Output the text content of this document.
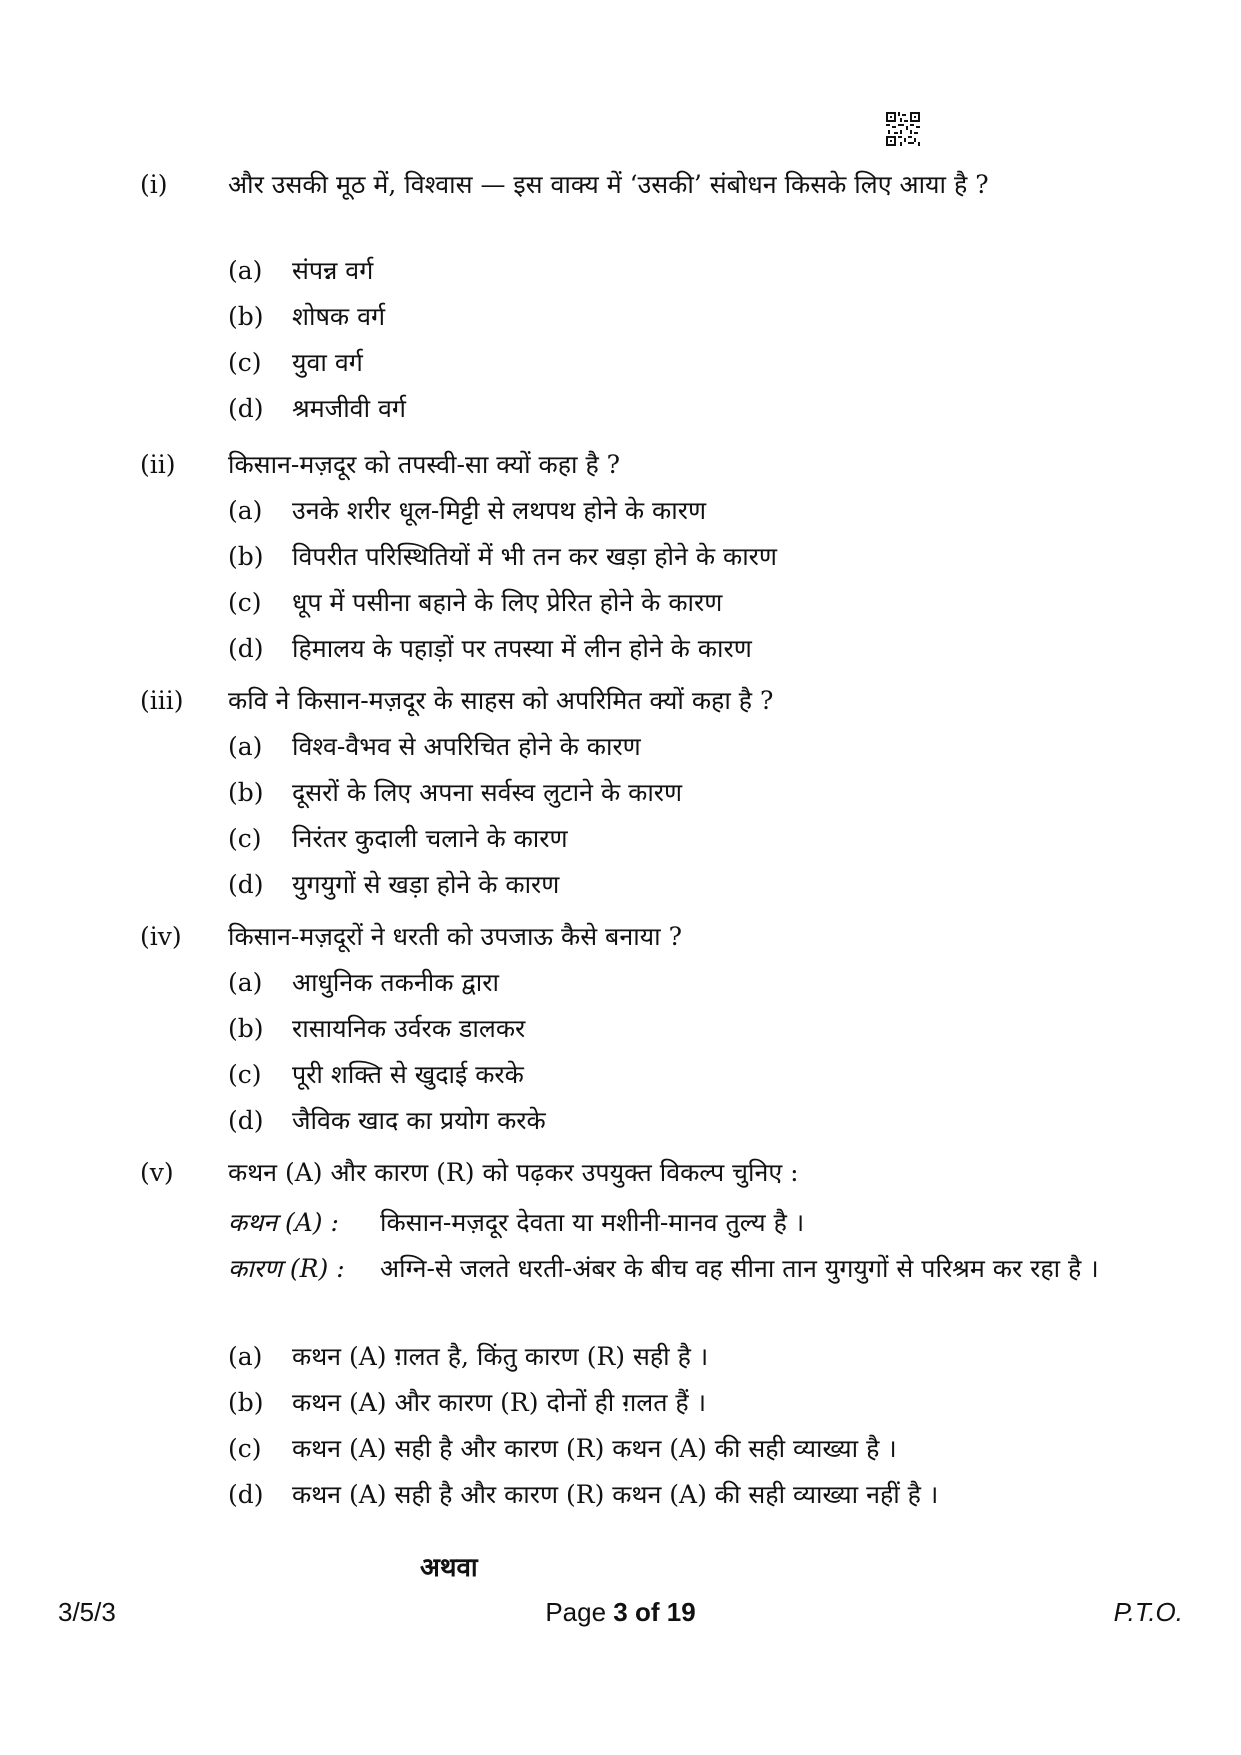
(i)	और उसकी मूठ में, विश्वास — इस वाक्य में ‘उसकी’ संबोधन किसके लिए आया है ?
(a)	संपन्न वर्ग
(b)	शोषक वर्ग
(c)	युवा वर्ग
(d)	श्रमजीवी वर्ग
(ii)	किसान-मज़दूर को तपस्वी-सा क्यों कहा है ?
(a)	उनके शरीर धूल-मिट्टी से लथपथ होने के कारण
(b)	विपरीत परिस्थितियों में भी तन कर खड़ा होने के कारण
(c)	धूप में पसीना बहाने के लिए प्रेरित होने के कारण
(d)	हिमालय के पहाड़ों पर तपस्या में लीन होने के कारण
(iii)	कवि ने किसान-मज़दूर के साहस को अपरिमित क्यों कहा है ?
(a)	विश्व-वैभव से अपरिचित होने के कारण
(b)	दूसरों के लिए अपना सर्वस्व लुटाने के कारण
(c)	निरंतर कुदाली चलाने के कारण
(d)	युगयुगों से खड़ा होने के कारण
(iv)	किसान-मज़दूरों ने धरती को उपजाऊ कैसे बनाया ?
(a)	आधुनिक तकनीक द्वारा
(b)	रासायनिक उर्वरक डालकर
(c)	पूरी शक्ति से खुदाई करके
(d)	जैविक खाद का प्रयोग करके
(v)	कथन (A) और कारण (R) को पढ़कर उपयुक्त विकल्प चुनिए :
कथन (A) : किसान-मज़दूर देवता या मशीनी-मानव तुल्य है ।
कारण (R) : अग्नि-से जलते धरती-अंबर के बीच वह सीना तान युगयुगों से परिश्रम कर रहा है ।
(a)	कथन (A) ग़लत है, किंतु कारण (R) सही है ।
(b)	कथन (A) और कारण (R) दोनों ही ग़लत हैं ।
(c)	कथन (A) सही है और कारण (R) कथन (A) की सही व्याख्या है ।
(d)	कथन (A) सही है और कारण (R) कथन (A) की सही व्याख्या नहीं है ।
अथवा
3/5/3	Page 3 of 19	P.T.O.
